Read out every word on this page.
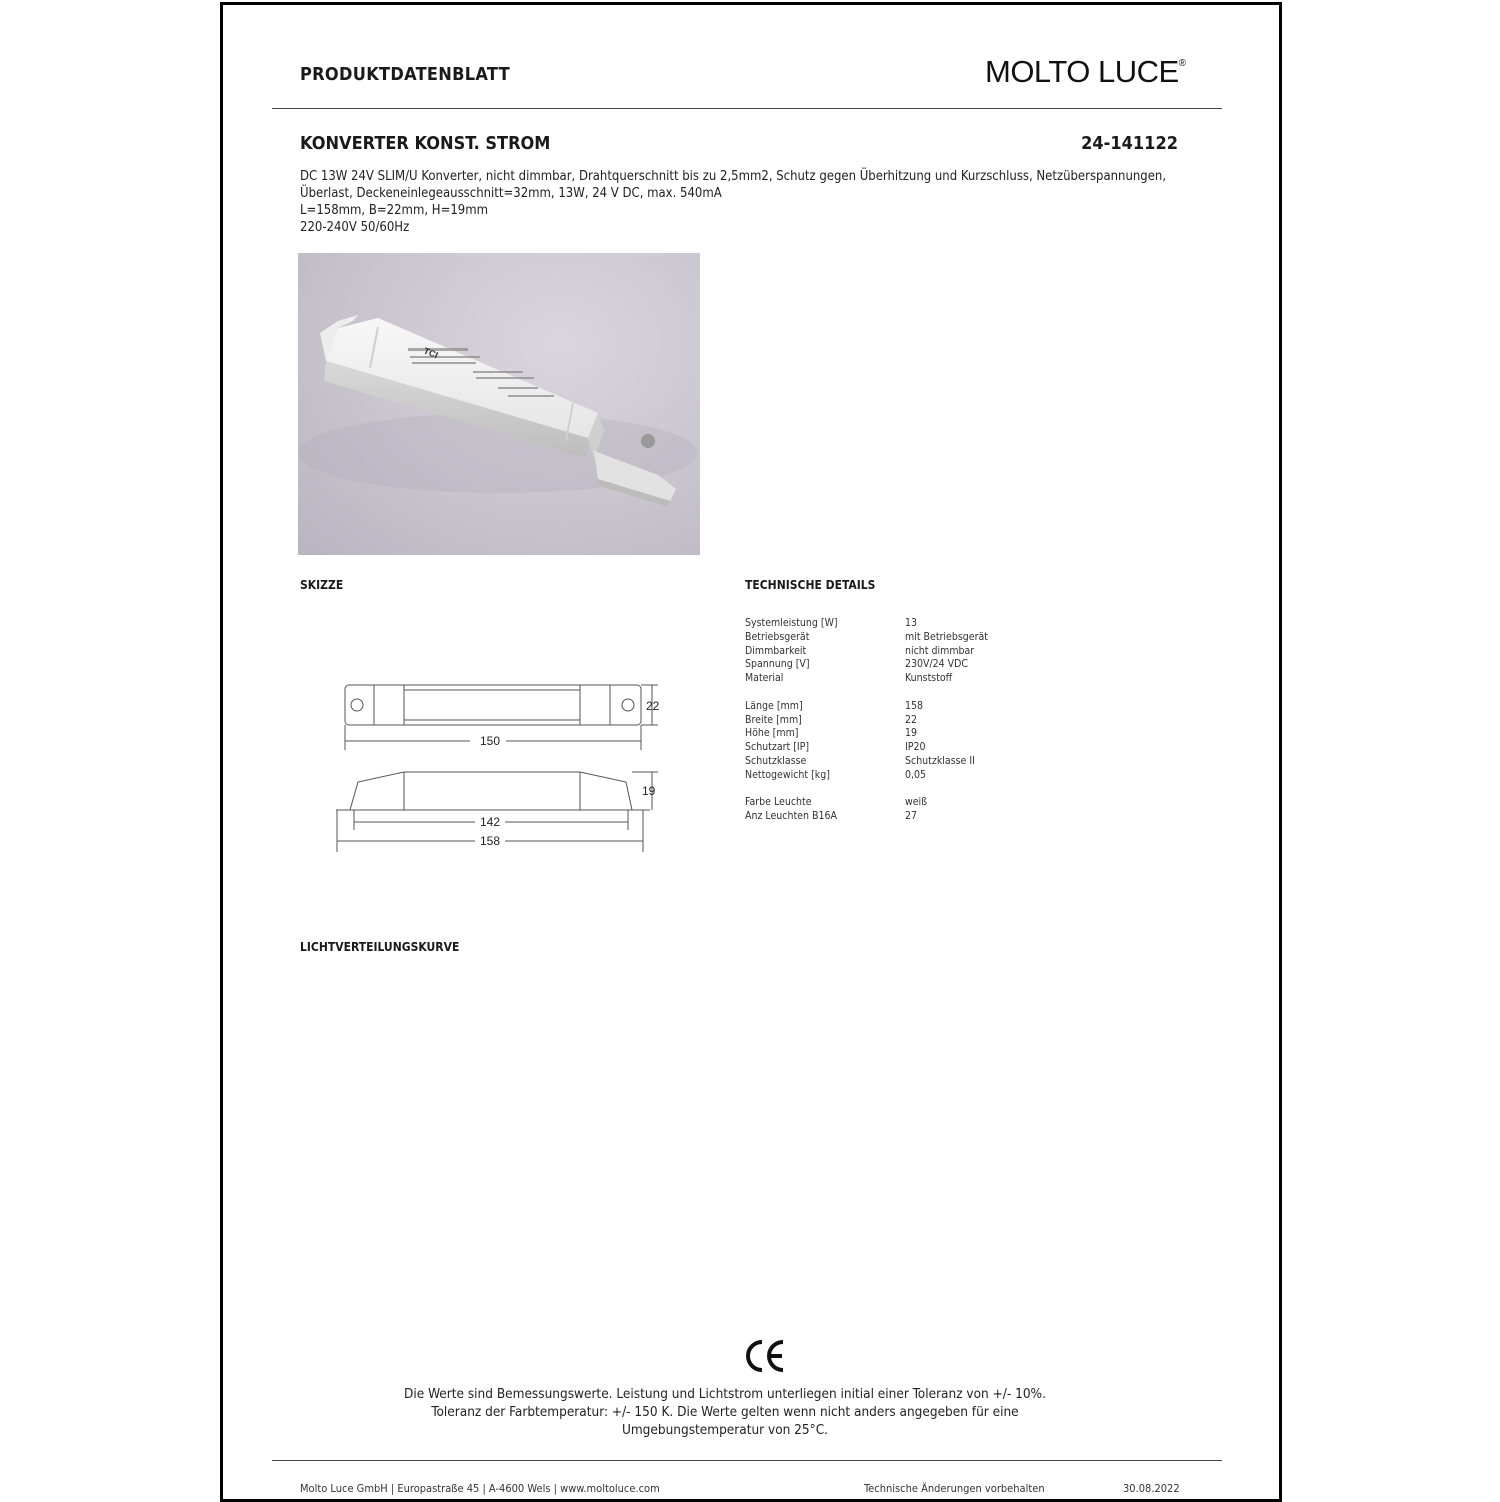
PRODUKTDATENBLATT	MOLTO LUCE®
KONVERTER KONST. STROM	24-141122
DC 13W 24V SLIM/U Konverter, nicht dimmbar, Drahtquerschnitt bis zu 2,5mm2, Schutz gegen Überhitzung und Kurzschluss, Netzüberspannungen,
Überlast, Deckeneinlegeausschnitt=32mm, 13W, 24 V DC, max. 540mA
L=158mm, B=22mm, H=19mm
220-240V 50/60Hz
TCI
SKIZZE	TECHNISCHE DETAILS
22
150
19
142
158
Systemleistung [W]	13
Betriebsgerät	mit Betriebsgerät
Dimmbarkeit	nicht dimmbar
Spannung [V]	230V/24 VDC
Material	Kunststoff

Länge [mm]	158
Breite [mm]	22
Höhe [mm]	19
Schutzart [IP]	IP20
Schutzklasse	Schutzklasse II
Nettogewicht [kg]	0,05

Farbe Leuchte	weiß
Anz Leuchten B16A	27
LICHTVERTEILUNGSKURVE
Die Werte sind Bemessungswerte. Leistung und Lichtstrom unterliegen initial einer Toleranz von +/- 10%.
Toleranz der Farbtemperatur: +/- 150 K. Die Werte gelten wenn nicht anders angegeben für eine
Umgebungstemperatur von 25°C.
Molto Luce GmbH | Europastraße 45 | A-4600 Wels | www.moltoluce.com	Technische Änderungen vorbehalten	30.08.2022
